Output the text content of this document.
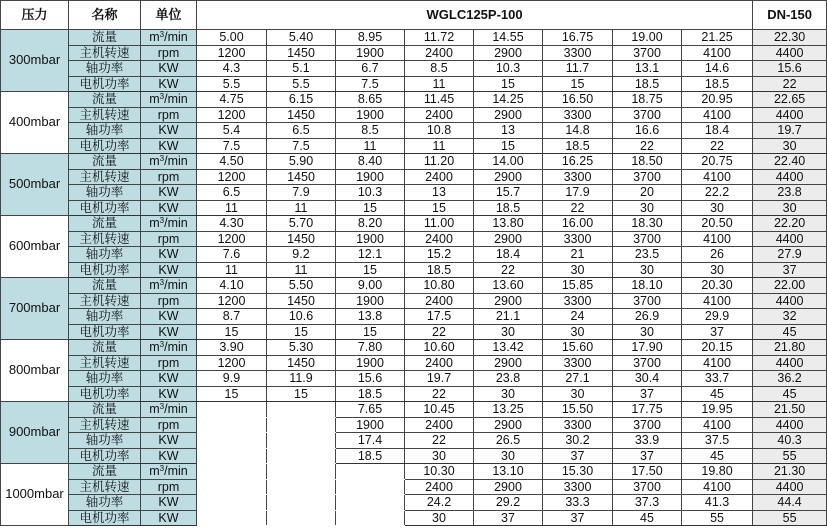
压力	名称	单位	WGLC125P-100								DN-150
300mbar	流量	$m^3/\min$	5.00	5.40	8.95	11.72	14.55	16.75	19.00	21.25	22.30
	主机转速	rpm	1200	1450	1900	2400	2900	3300	3700	4100	4400
	轴功率	KW	4.3	5.1	6.7	8.5	10.3	11.7	13.1	14.6	15.6
	电机功率	KW	5.5	5.5	7.5	11	15	15	18.5	18.5	22
400mbar	流量	$m^3/\min$	4.75	6.15	8.65	11.45	14.25	16.50	18.75	20.95	22.65
	主机转速	rpm	1200	1450	1900	2400	2900	3300	3700	4100	4400
	轴功率	KW	5.4	6.5	8.5	10.8	13	14.8	16.6	18.4	19.7
	电机功率	KW	7.5	7.5	11	11	15	18.5	22	22	30
500mbar	流量	$m^3/\min$	4.50	5.90	8.40	11.20	14.00	16.25	18.50	20.75	22.40
	主机转速	rpm	1200	1450	1900	2400	2900	3300	3700	4100	4400
	轴功率	KW	6.5	7.9	10.3	13	15.7	17.9	20	22.2	23.8
	电机功率	KW	11	11	15	15	18.5	22	30	30	30
600mbar	流量	$m^3/\min$	4.30	5.70	8.20	11.00	13.80	16.00	18.30	20.50	22.20
	主机转速	rpm	1200	1450	1900	2400	2900	3300	3700	4100	4400
	轴功率	KW	7.6	9.2	12.1	15.2	18.4	21	23.5	26	27.9
	电机功率	KW	11	11	15	18.5	22	30	30	30	37
700mbar	流量	$m^3/\min$	4.10	5.50	9.00	10.80	13.60	15.85	18.10	20.30	22.00
	主机转速	rpm	1200	1450	1900	2400	2900	3300	3700	4100	4400
	轴功率	KW	8.7	10.6	13.8	17.5	21.1	24	26.9	29.9	32
	电机功率	KW	15	15	15	22	30	30	30	37	45
800mbar	流量	$m^3/\min$	3.90	5.30	7.80	10.60	13.42	15.60	17.90	20.15	21.80
	主机转速	rpm	1200	1450	1900	2400	2900	3300	3700	4100	4400
	轴功率	KW	9.9	11.9	15.6	19.7	23.8	27.1	30.4	33.7	36.2
	电机功率	KW	15	15	18.5	22	30	30	37	45	45
900mbar	流量	$m^3/\min$			7.65	10.45	13.25	15.50	17.75	19.95	21.50
	主机转速	rpm			1900	2400	2900	3300	3700	4100	4400
	轴功率	KW			17.4	22	26.5	30.2	33.9	37.5	40.3
	电机功率	KW			18.5	30	30	37	37	45	55
1000mbar	流量	$m^3/\min$				10.30	13.10	15.30	17.50	19.80	21.30
	主机转速	rpm				2400	2900	3300	3700	4100	4400
	轴功率	KW				24.2	29.2	33.3	37.3	41.3	44.4
	电机功率	KW				30	37	37	45	55	55
